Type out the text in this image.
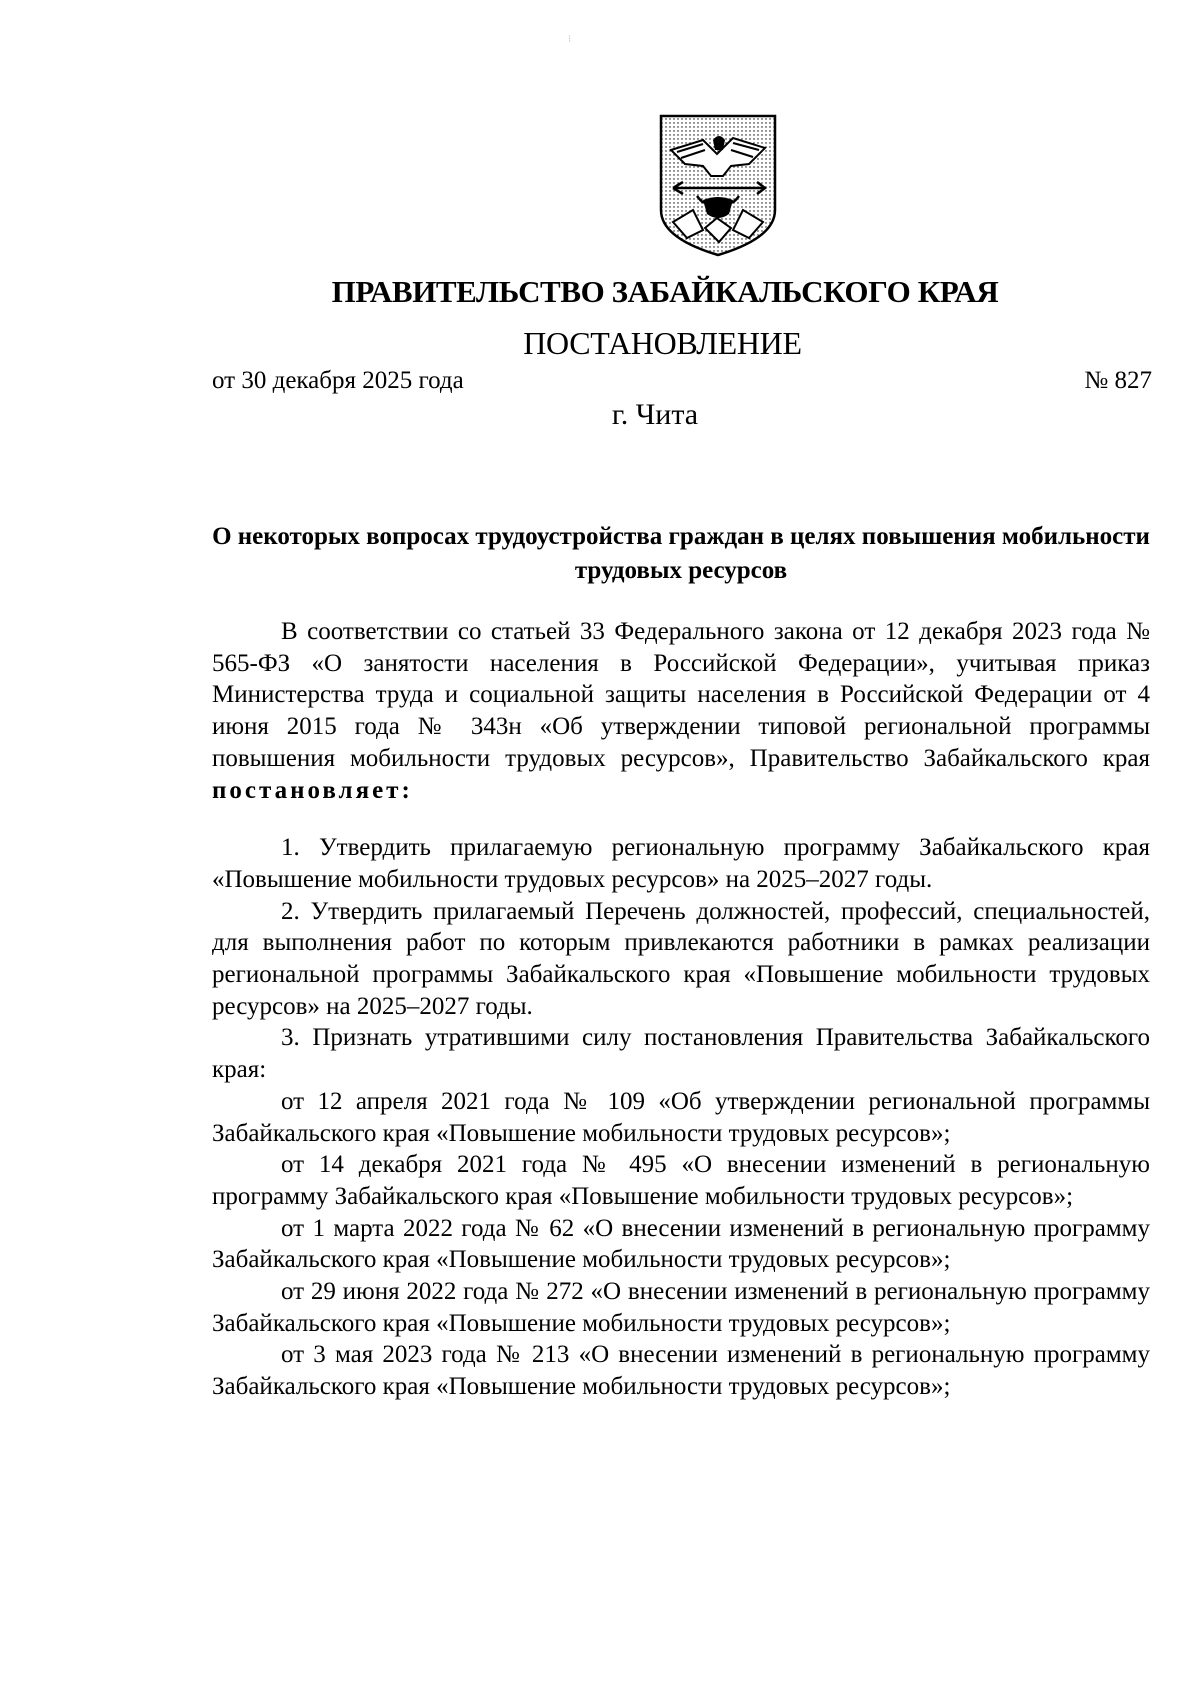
⁝
ПРАВИТЕЛЬСТВО ЗАБАЙКАЛЬСКОГО КРАЯ
ПОСТАНОВЛЕНИЕ
от 30 декабря 2025 года	№ 827
г. Чита
О некоторых вопросах трудоустройства граждан в целях повышения мобильности трудовых ресурсов

В соответствии со статьей 33 Федерального закона от 12 декабря 2023 года № 565-ФЗ «О занятости населения в Российской Федерации», учитывая приказ Министерства труда и социальной защиты населения в Российской Федерации от 4 июня 2015 года № 343н «Об утверждении типовой региональной программы повышения мобильности трудовых ресурсов», Правительство Забайкальского края постановляет:

1. Утвердить прилагаемую региональную программу Забайкальского края «Повышение мобильности трудовых ресурсов» на 2025–2027 годы.

2. Утвердить прилагаемый Перечень должностей, профессий, специальностей, для выполнения работ по которым привлекаются работники в рамках реализации региональной программы Забайкальского края «Повышение мобильности трудовых ресурсов» на 2025–2027 годы.

3. Признать утратившими силу постановления Правительства Забайкальского края:

от 12 апреля 2021 года № 109 «Об утверждении региональной программы Забайкальского края «Повышение мобильности трудовых ресурсов»;

от 14 декабря 2021 года № 495 «О внесении изменений в региональную программу Забайкальского края «Повышение мобильности трудовых ресурсов»;

от 1 марта 2022 года № 62 «О внесении изменений в региональную программу Забайкальского края «Повышение мобильности трудовых ресурсов»;

от 29 июня 2022 года № 272 «О внесении изменений в региональную программу Забайкальского края «Повышение мобильности трудовых ресурсов»;

от 3 мая 2023 года № 213 «О внесении изменений в региональную программу Забайкальского края «Повышение мобильности трудовых ресурсов»;
